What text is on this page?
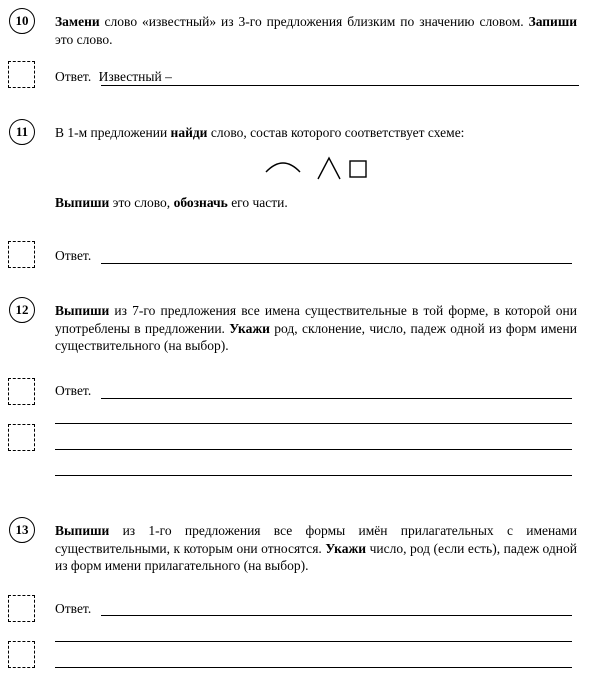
10	Замени слово «известный» из 3-го предложения близким по значению словом. Запиши это слово.
Ответ. Известный –
11	В 1-м предложении найди слово, состав которого соответствует схеме:
Выпиши это слово, обозначь его части.
Ответ.
12	Выпиши из 7-го предложения все имена существительные в той форме, в которой они употреблены в предложении. Укажи род, склонение, число, падеж одной из форм имени существительного (на выбор).
Ответ.
13	Выпиши из 1-го предложения все формы имён прилагательных с именами существительными, к которым они относятся. Укажи число, род (если есть), падеж одной из форм имени прилагательного (на выбор).
Ответ.
